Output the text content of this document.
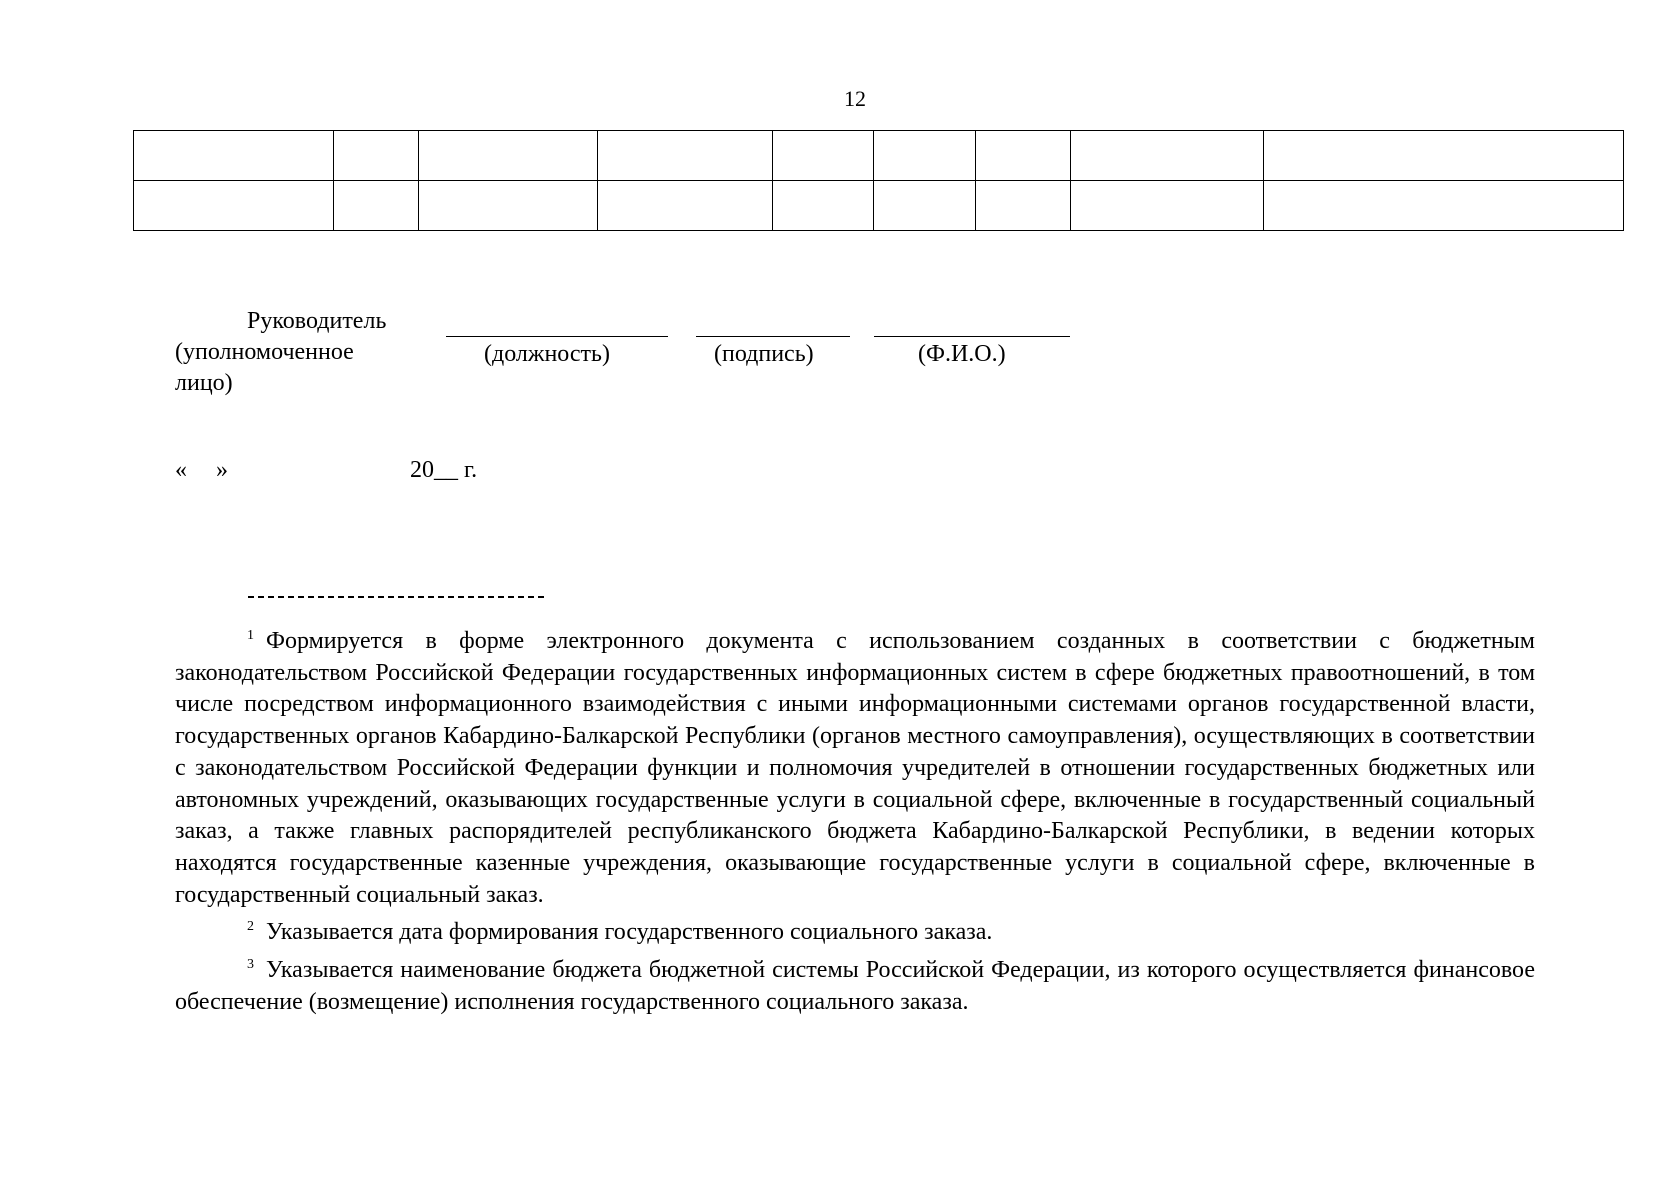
12

Руководитель
(уполномоченное
лицо)
(должность)	(подпись)	(Ф.И.О.)
« »	20__ г.

$^1$ Формируется в форме электронного документа с использованием созданных в соответствии с бюджетным законодательством Российской Федерации государственных информационных систем в сфере бюджетных правоотношений, в том числе посредством информационного взаимодействия с иными информационными системами органов государственной власти, государственных органов Кабардино-Балкарской Республики (органов местного самоуправления), осуществляющих в соответствии с законодательством Российской Федерации функции и полномочия учредителей в отношении государственных бюджетных или автономных учреждений, оказывающих государственные услуги в социальной сфере, включенные в государственный социальный заказ, а также главных распорядителей республиканского бюджета Кабардино-Балкарской Республики, в ведении которых находятся государственные казенные учреждения, оказывающие государственные услуги в социальной сфере, включенные в государственный социальный заказ.

$^2$ Указывается дата формирования государственного социального заказа.

$^3$ Указывается наименование бюджета бюджетной системы Российской Федерации, из которого осуществляется финансовое обеспечение (возмещение) исполнения государственного социального заказа.
